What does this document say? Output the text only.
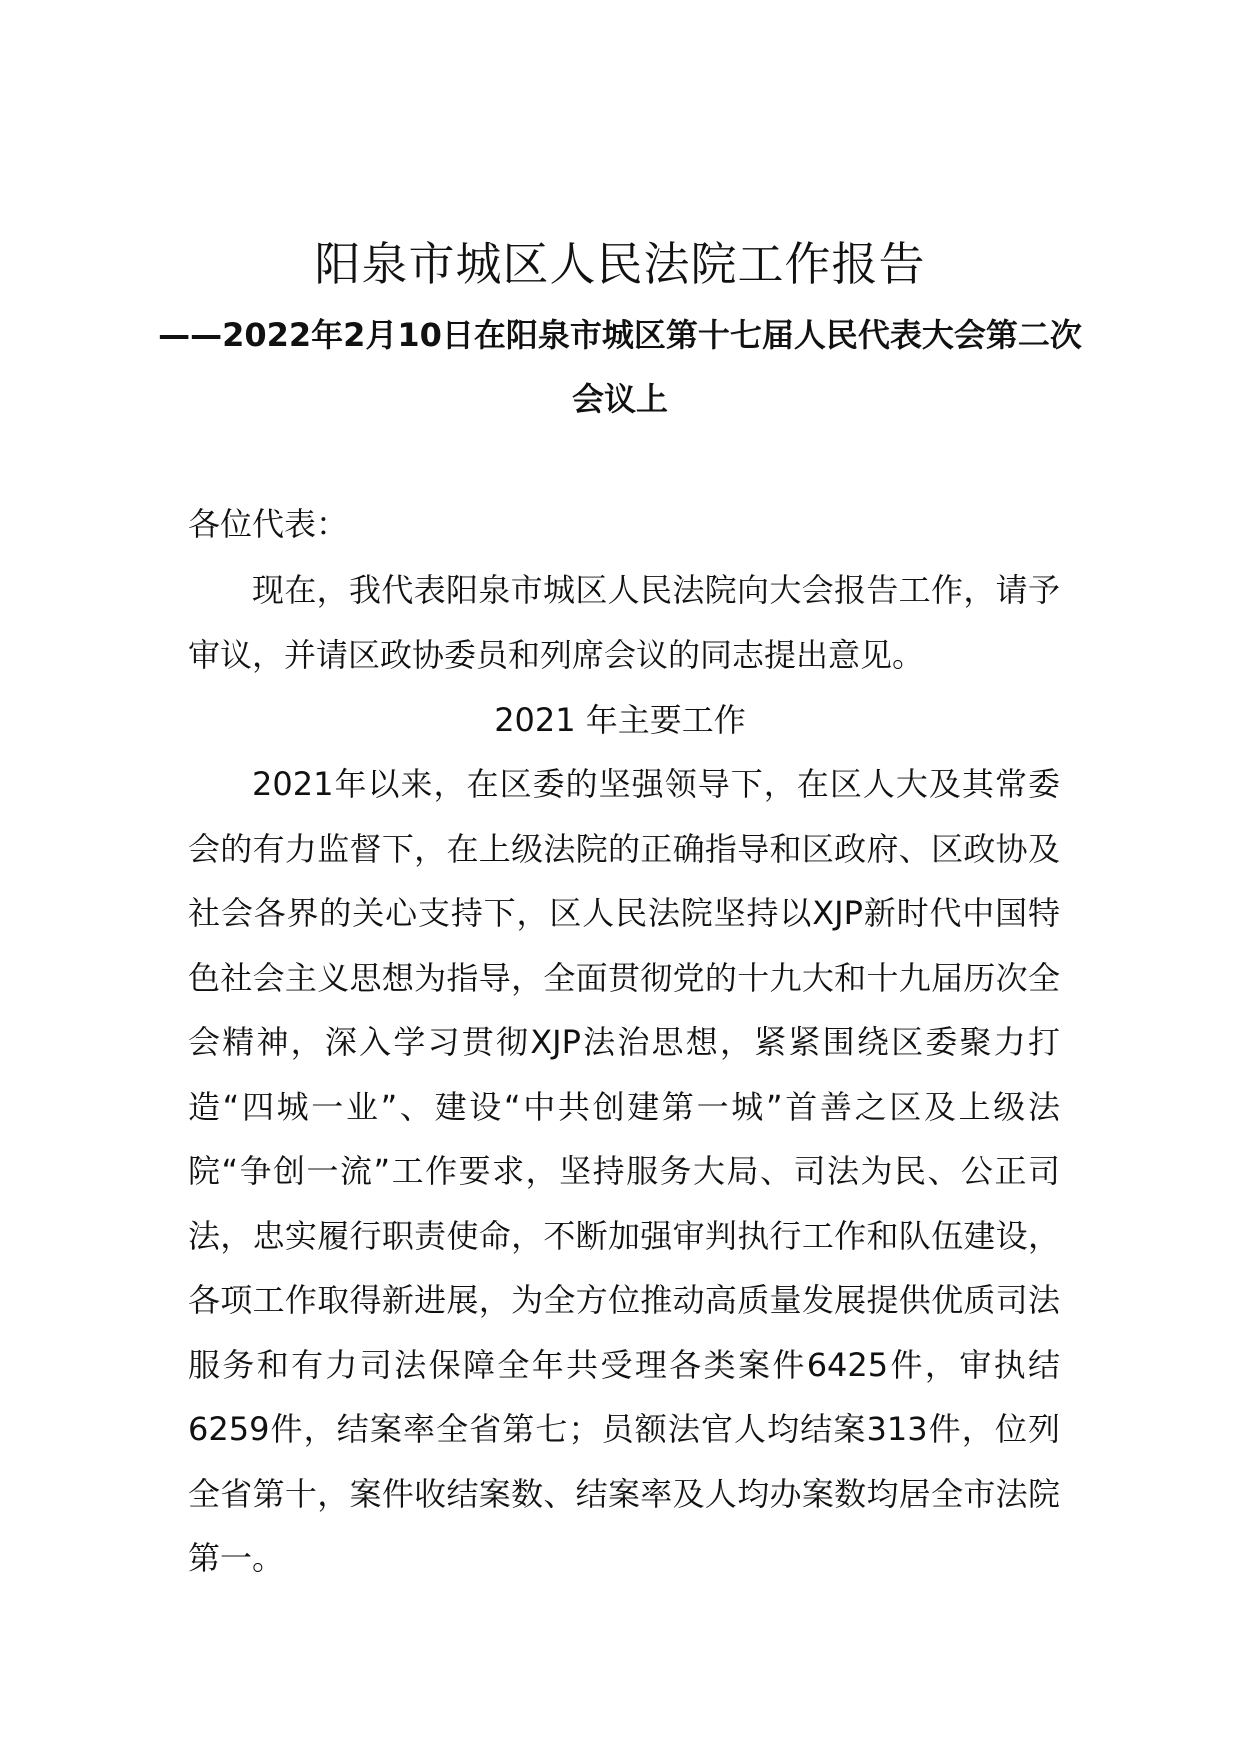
阳泉市城区人民法院工作报告
——2022年2月10日在阳泉市城区第十七届人民代表大会第二次会议上
各位代表：
现在，我代表阳泉市城区人民法院向大会报告工作，请予审议，并请区政协委员和列席会议的同志提出意见。
2021 年主要工作
2021年以来，在区委的坚强领导下，在区人大及其常委会的有力监督下，在上级法院的正确指导和区政府、区政协及社会各界的关心支持下，区人民法院坚持以XJP新时代中国特色社会主义思想为指导，全面贯彻党的十九大和十九届历次全会精神，深入学习贯彻XJP法治思想，紧紧围绕区委聚力打造“四城一业”、建设“中共创建第一城”首善之区及上级法院“争创一流”工作要求，坚持服务大局、司法为民、公正司法，忠实履行职责使命，不断加强审判执行工作和队伍建设，各项工作取得新进展，为全方位推动高质量发展提供优质司法服务和有力司法保障全年共受理各类案件6425件，审执结6259件，结案率全省第七；员额法官人均结案313件，位列全省第十，案件收结案数、结案率及人均办案数均居全市法院第一。
